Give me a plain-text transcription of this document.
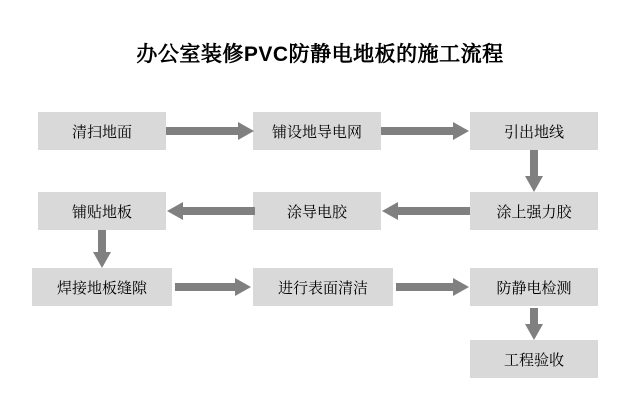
办公室装修PVC防静电地板的施工流程
清扫地面	铺设地导电网	引出地线
铺贴地板	涂导电胶	涂上强力胶
焊接地板缝隙	进行表面清洁	防静电检测
工程验收
